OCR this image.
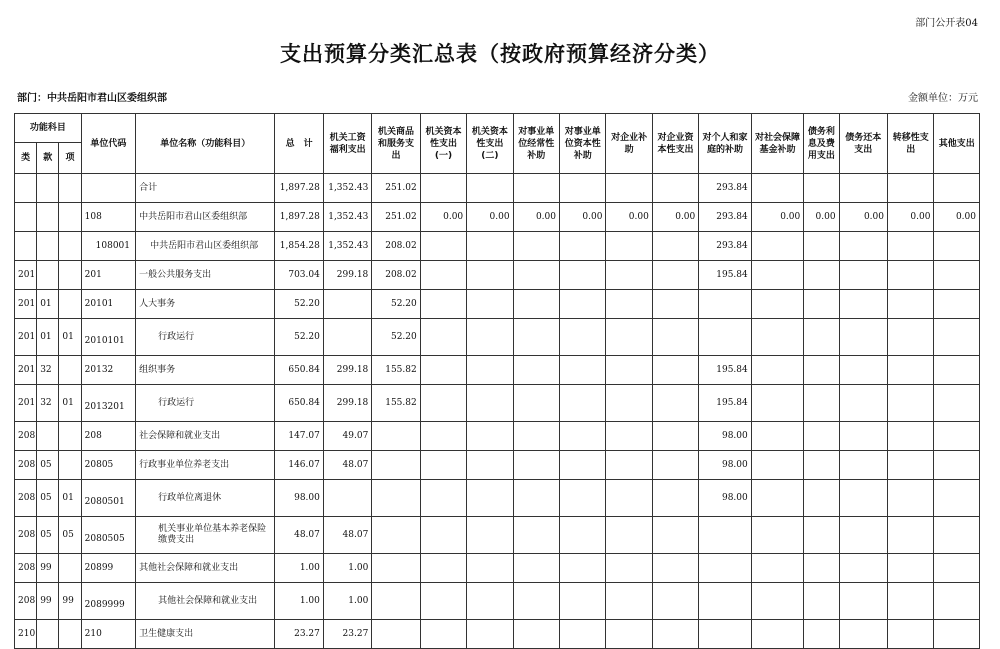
部门公开表04
支出预算分类汇总表（按政府预算经济分类）
部门：中共岳阳市君山区委组织部	金额单位：万元
功能科目			单位代码	单位名称（功能科目）	总　计	机关工资福利支出	机关商品和服务支出	机关资本性支出(一)	机关资本性支出(二)	对事业单位经常性补助	对事业单位资本性补助	对企业补助	对企业资本性支出	对个人和家庭的补助	对社会保障基金补助	债务利息及费用支出	债务还本支出	转移性支出	其他支出
类	款	项																	
				合计	1,897.28	1,352.43	251.02							293.84					
			108	中共岳阳市君山区委组织部	1,897.28	1,352.43	251.02	0.00	0.00	0.00	0.00	0.00	0.00	293.84	0.00	0.00	0.00	0.00	0.00
			108001	中共岳阳市君山区委组织部	1,854.28	1,352.43	208.02							293.84					
201			201	一般公共服务支出	703.04	299.18	208.02							195.84					
201	01		20101	人大事务	52.20		52.20												
201	01	01	2010101	行政运行	52.20		52.20												
201	32		20132	组织事务	650.84	299.18	155.82							195.84					
201	32	01	2013201	行政运行	650.84	299.18	155.82							195.84					
208			208	社会保障和就业支出	147.07	49.07								98.00					
208	05		20805	行政事业单位养老支出	146.07	48.07								98.00					
208	05	01	2080501	行政单位离退休	98.00									98.00					
208	05	05	2080505	机关事业单位基本养老保险缴费支出	48.07	48.07													
208	99		20899	其他社会保障和就业支出	1.00	1.00													
208	99	99	2089999	其他社会保障和就业支出	1.00	1.00													
210			210	卫生健康支出	23.27	23.27													
